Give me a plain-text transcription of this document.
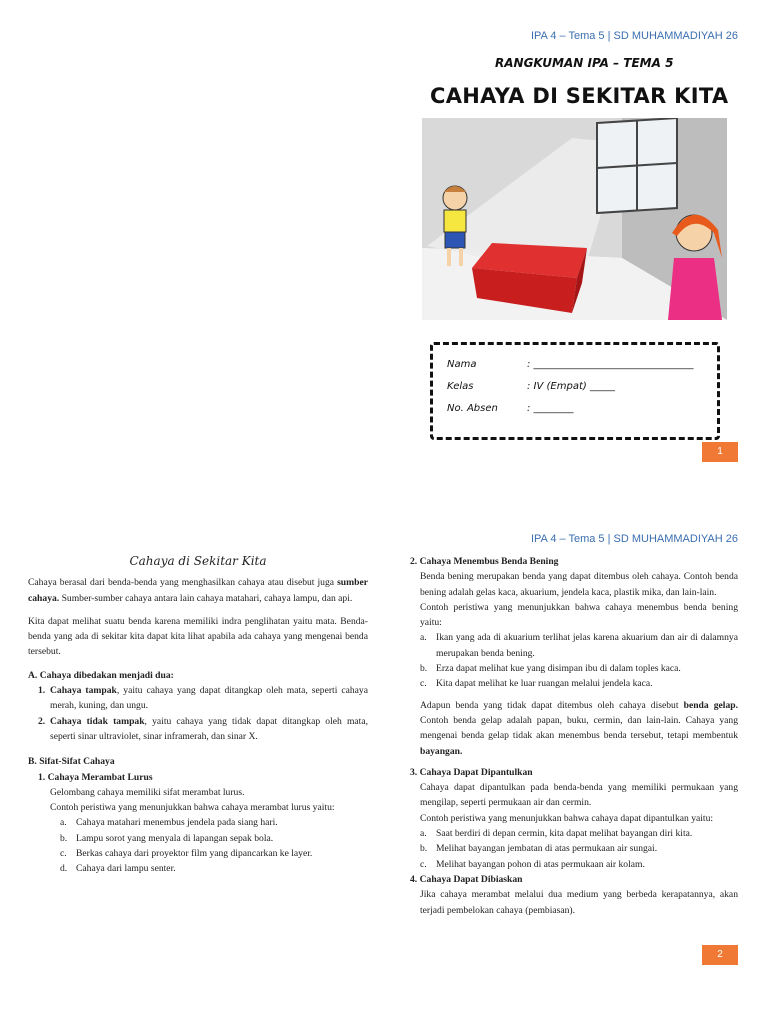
IPA 4 – Tema 5 | SD MUHAMMADIYAH 26
RANGKUMAN IPA – TEMA 5
CAHAYA DI SEKITAR KITA
Nama	: ________________________________
Kelas	: IV (Empat) _____
No. Absen	: ________
1
IPA 4 – Tema 5 | SD MUHAMMADIYAH 26
Cahaya di Sekitar Kita

Cahaya berasal dari benda-benda yang menghasilkan cahaya atau disebut juga sumber cahaya. Sumber-sumber cahaya antara lain cahaya matahari, cahaya lampu, dan api.

Kita dapat melihat suatu benda karena memiliki indra penglihatan yaitu mata. Benda-benda yang ada di sekitar kita dapat kita lihat apabila ada cahaya yang mengenai benda tersebut.

A. Cahaya dibedakan menjadi dua:
1. Cahaya tampak, yaitu cahaya yang dapat ditangkap oleh mata, seperti cahaya merah, kuning, dan ungu.
2. Cahaya tidak tampak, yaitu cahaya yang tidak dapat ditangkap oleh mata, seperti sinar ultraviolet, sinar inframerah, dan sinar X.
B. Sifat-Sifat Cahaya
1. Cahaya Merambat Lurus
Gelombang cahaya memiliki sifat merambat lurus.
Contoh peristiwa yang menunjukkan bahwa cahaya merambat lurus yaitu:
a. Cahaya matahari menembus jendela pada siang hari.
b. Lampu sorot yang menyala di lapangan sepak bola.
c. Berkas cahaya dari proyektor film yang dipancarkan ke layer.
d. Cahaya dari lampu senter.
2. Cahaya Menembus Benda Bening
Benda bening merupakan benda yang dapat ditembus oleh cahaya. Contoh benda bening adalah gelas kaca, akuarium, jendela kaca, plastik mika, dan lain-lain.
Contoh peristiwa yang menunjukkan bahwa cahaya menembus benda bening yaitu:
a. Ikan yang ada di akuarium terlihat jelas karena akuarium dan air di dalamnya merupakan benda bening.
b. Erza dapat melihat kue yang disimpan ibu di dalam toples kaca.
c. Kita dapat melihat ke luar ruangan melalui jendela kaca.
Adapun benda yang tidak dapat ditembus oleh cahaya disebut benda gelap. Contoh benda gelap adalah papan, buku, cermin, dan lain-lain. Cahaya yang mengenai benda gelap tidak akan menembus benda tersebut, tetapi membentuk bayangan.
3. Cahaya Dapat Dipantulkan
Cahaya dapat dipantulkan pada benda-benda yang memiliki permukaan yang mengilap, seperti permukaan air dan cermin.
Contoh peristiwa yang menunjukkan bahwa cahaya dapat dipantulkan yaitu:
a. Saat berdiri di depan cermin, kita dapat melihat bayangan diri kita.
b. Melihat bayangan jembatan di atas permukaan air sungai.
c. Melihat bayangan pohon di atas permukaan air kolam.
4. Cahaya Dapat Dibiaskan
Jika cahaya merambat melalui dua medium yang berbeda kerapatannya, akan terjadi pembelokan cahaya (pembiasan).
2
